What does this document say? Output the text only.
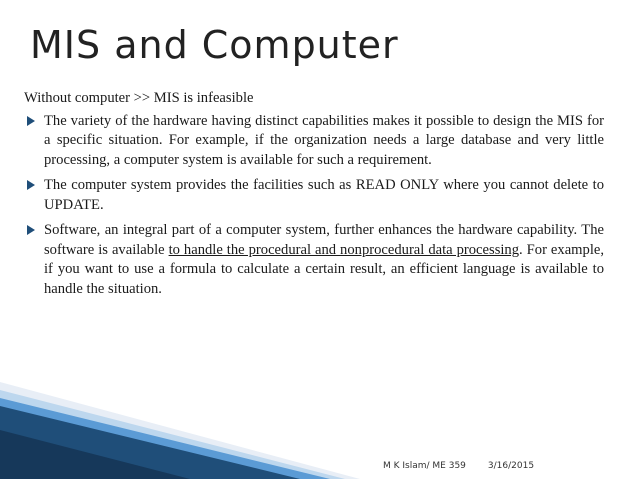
MIS and Computer

Without computer >> MIS is infeasible

The variety of the hardware having distinct capabilities makes it possible to design the MIS for a specific situation. For example, if the organization needs a large database and very little processing, a computer system is available for such a requirement.
The computer system provides the facilities such as READ ONLY where you cannot delete to UPDATE.
Software, an integral part of a computer system, further enhances the hardware capability. The software is available to handle the procedural and nonprocedural data processing. For example, if you want to use a formula to calculate a certain result, an efficient language is available to handle the situation.
M K Islam/ ME 359 3/16/2015
